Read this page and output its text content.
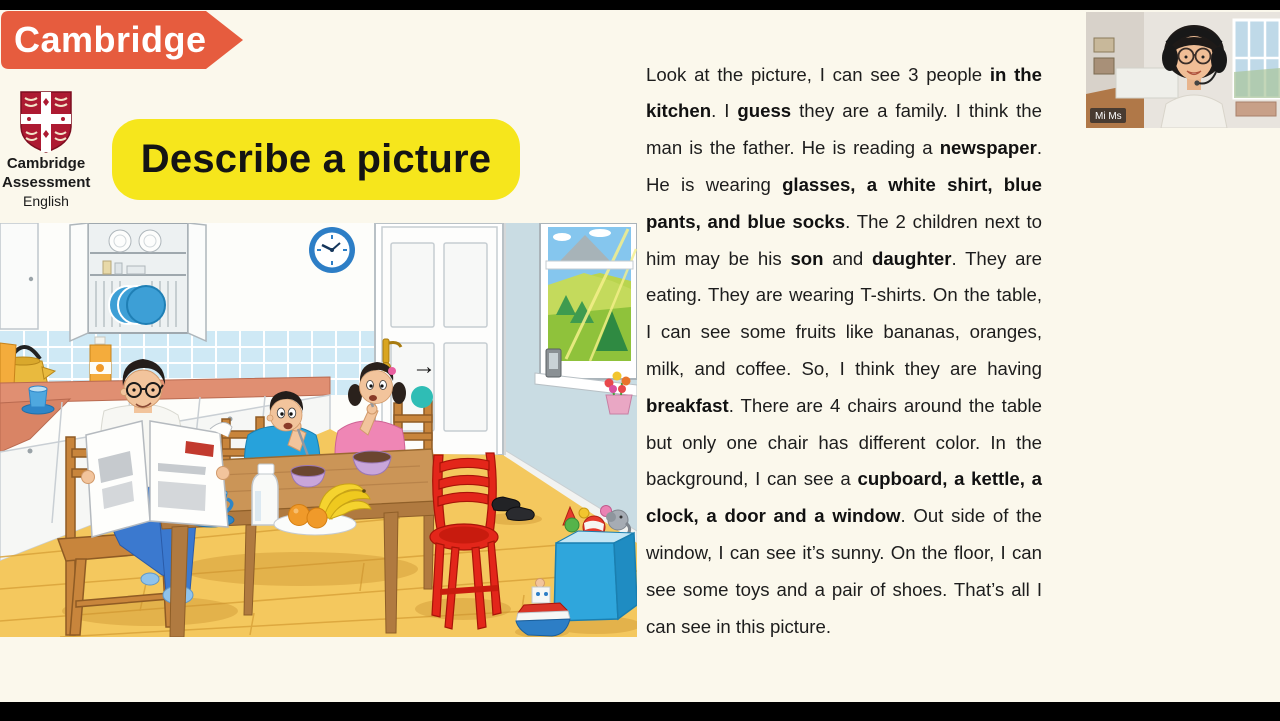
Cambridge
Cambridge
Assessment
English
Describe a picture
→

Look at the picture, I can see 3 people in the kitchen. I guess they are a family. I think the man is the father. He is reading a newspaper. He is wearing glasses, a white shirt, blue pants, and blue socks. The 2 children next to him may be his son and daughter. They are eating. They are wearing T-shirts. On the table, I can see some fruits like bananas, oranges, milk, and coffee. So, I think they are having breakfast. There are 4 chairs around the table but only one chair has different color. In the background, I can see a cupboard, a kettle, a clock, a door and a window. Out side of the window, I can see it’s sunny. On the floor, I can see some toys and a pair of shoes. That’s all I can see in this picture.

Mi Ms
